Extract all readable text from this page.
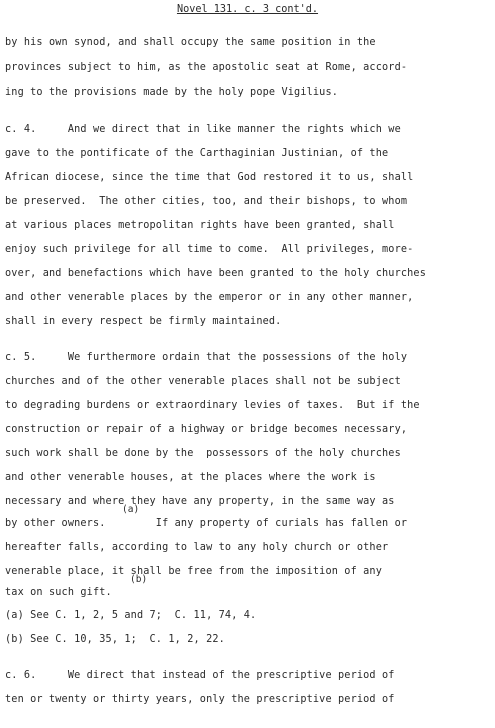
Novel 131. c. 3 cont'd.
by his own synod, and shall occupy the same position in the
provinces subject to him, as the apostolic seat at Rome, accord-
ing to the provisions made by the holy pope Vigilius.
c. 4.     And we direct that in like manner the rights which we
gave to the pontificate of the Carthaginian Justinian, of the
African diocese, since the time that God restored it to us, shall
be preserved.  The other cities, too, and their bishops, to whom
at various places metropolitan rights have been granted, shall
enjoy such privilege for all time to come.  All privileges, more-
over, and benefactions which have been granted to the holy churches
and other venerable places by the emperor or in any other manner,
shall in every respect be firmly maintained.
c. 5.     We furthermore ordain that the possessions of the holy
churches and of the other venerable places shall not be subject
to degrading burdens or extraordinary levies of taxes.  But if the
construction or repair of a highway or bridge becomes necessary,
such work shall be done by the  possessors of the holy churches
and other venerable houses, at the places where the work is
necessary and where they have any property, in the same way as
(a)
by other owners.        If any property of curials has fallen or
hereafter falls, according to law to any holy church or other
venerable place, it shall be free from the imposition of any
(b)
tax on such gift.
(a) See C. 1, 2, 5 and 7;  C. 11, 74, 4.
(b) See C. 10, 35, 1;  C. 1, 2, 22.
c. 6.     We direct that instead of the prescriptive period of
ten or twenty or thirty years, only the prescriptive period of
